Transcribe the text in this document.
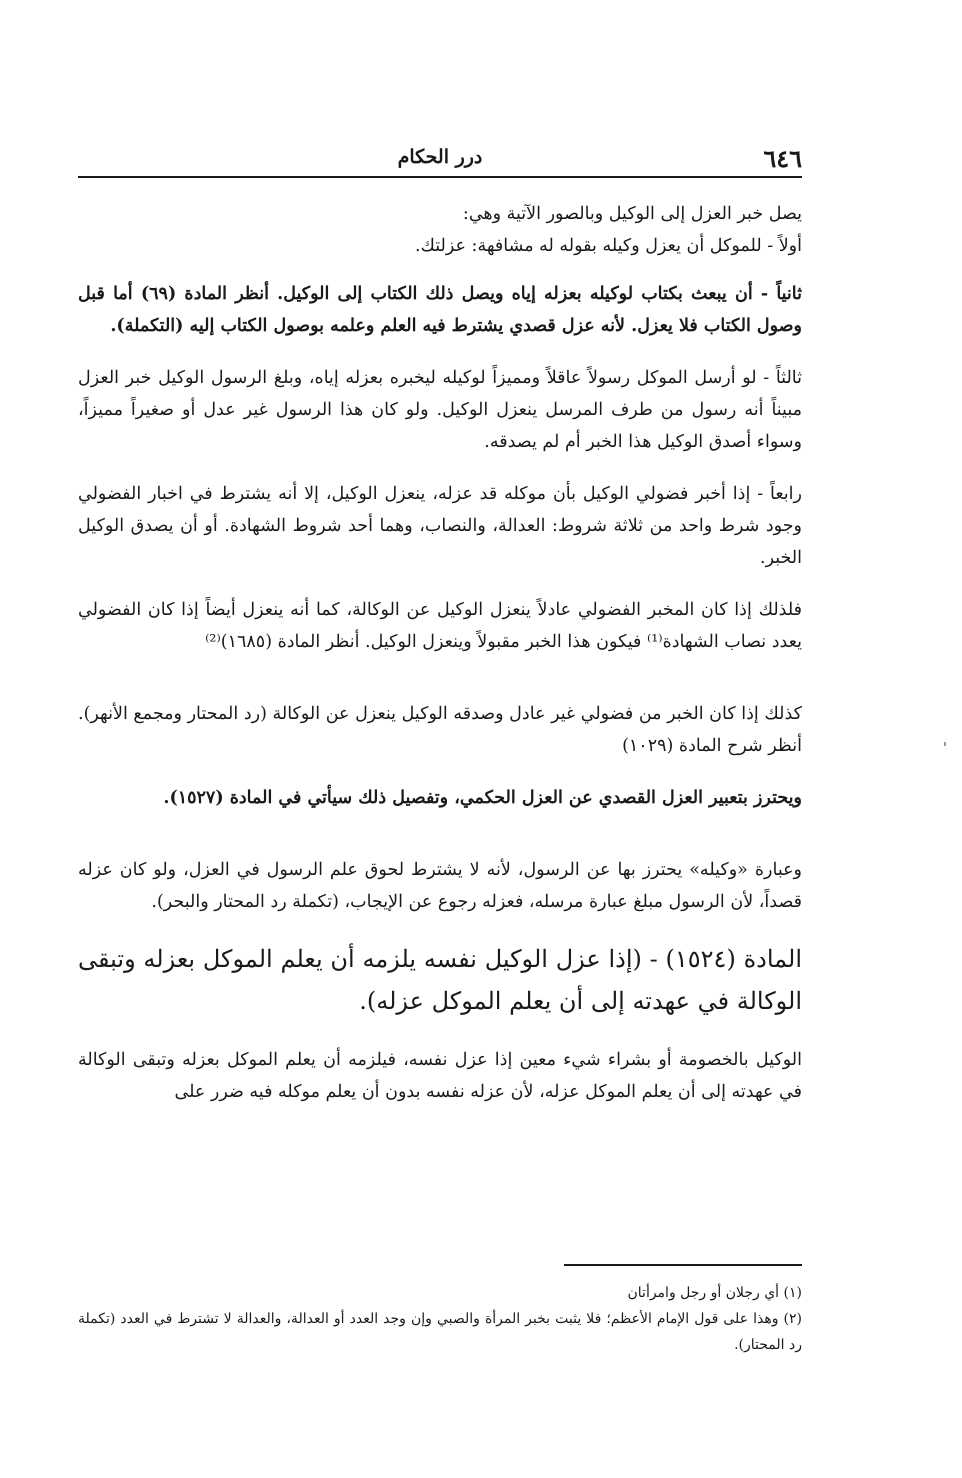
٦٤٦
درر الحكام

يصل خبر العزل إلى الوكيل وبالصور الآتية وهي:
أولاً - للموكل أن يعزل وكيله بقوله له مشافهة: عزلتك.

ثانياً - أن يبعث بكتاب لوكيله بعزله إياه ويصل ذلك الكتاب إلى الوكيل. أنظر المادة (٦٩) أما قبل وصول الكتاب فلا يعزل. لأنه عزل قصدي يشترط فيه العلم وعلمه بوصول الكتاب إليه (التكملة).

ثالثاً - لو أرسل الموكل رسولاً عاقلاً ومميزاً لوكيله ليخبره بعزله إياه، وبلغ الرسول الوكيل خبر العزل مبيناً أنه رسول من طرف المرسل ينعزل الوكيل. ولو كان هذا الرسول غير عدل أو صغيراً مميزاً، وسواء أصدق الوكيل هذا الخبر أم لم يصدقه.

رابعاً - إذا أخبر فضولي الوكيل بأن موكله قد عزله، ينعزل الوكيل، إلا أنه يشترط في اخبار الفضولي وجود شرط واحد من ثلاثة شروط: العدالة، والنصاب، وهما أحد شروط الشهادة. أو أن يصدق الوكيل الخبر.

فلذلك إذا كان المخبر الفضولي عادلاً ينعزل الوكيل عن الوكالة، كما أنه ينعزل أيضاً إذا كان الفضولي يعدد نصاب الشهادة⁽¹⁾ فيكون هذا الخبر مقبولاً وينعزل الوكيل. أنظر المادة (١٦٨٥)⁽²⁾

كذلك إذا كان الخبر من فضولي غير عادل وصدقه الوكيل ينعزل عن الوكالة (رد المحتار ومجمع الأنهر). أنظر شرح المادة (١٠٢٩)

ويحترز بتعبير العزل القصدي عن العزل الحكمي، وتفصيل ذلك سيأتي في المادة (١٥٢٧).

وعبارة «وكيله» يحترز بها عن الرسول، لأنه لا يشترط لحوق علم الرسول في العزل، ولو كان عزله قصداً، لأن الرسول مبلغ عبارة مرسله، فعزله رجوع عن الإيجاب، (تكملة رد المحتار والبحر).

المادة (١٥٢٤) - (إذا عزل الوكيل نفسه يلزمه أن يعلم الموكل بعزله وتبقى الوكالة في عهدته إلى أن يعلم الموكل عزله).

الوكيل بالخصومة أو بشراء شيء معين إذا عزل نفسه، فيلزمه أن يعلم الموكل بعزله وتبقى الوكالة في عهدته إلى أن يعلم الموكل عزله، لأن عزله نفسه بدون أن يعلم موكله فيه ضرر على

(١) أي رجلان أو رجل وامرأتان

(٢) وهذا على قول الإمام الأعظم؛ فلا يثبت بخبر المرأة والصبي وإن وجد العدد أو العدالة، والعدالة لا تشترط في العدد (تكملة رد المحتار).
